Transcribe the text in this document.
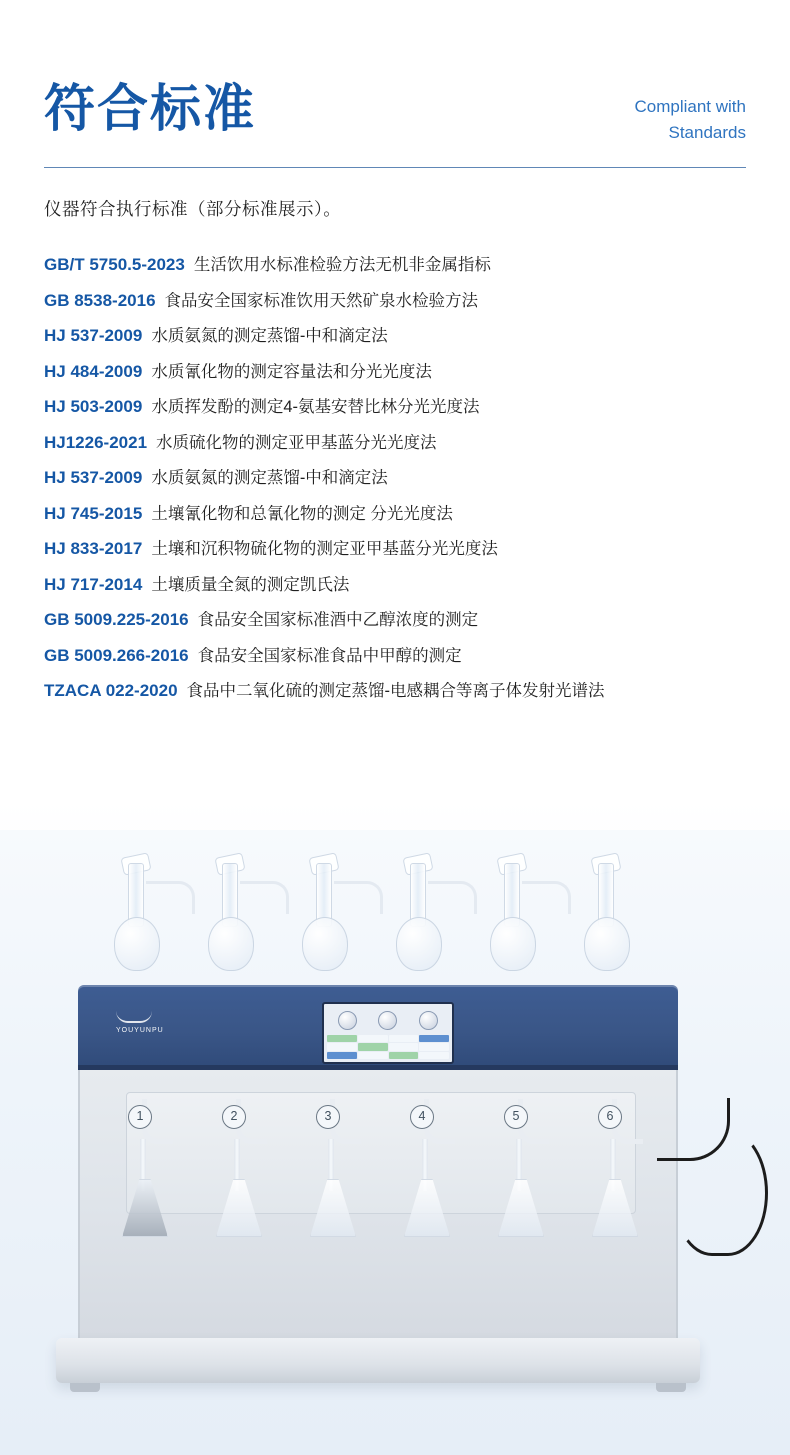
符合标准	Compliant with
Standards
仪器符合执行标准（部分标准展示）。
GB/T 5750.5-2023 生活饮用水标准检验方法无机非金属指标
GB 8538-2016 食品安全国家标准饮用天然矿泉水检验方法
HJ 537-2009 水质氨氮的测定蒸馏-中和滴定法
HJ 484-2009 水质氰化物的测定容量法和分光光度法
HJ 503-2009 水质挥发酚的测定4-氨基安替比林分光光度法
HJ1226-2021 水质硫化物的测定亚甲基蓝分光光度法
HJ 537-2009 水质氨氮的测定蒸馏-中和滴定法
HJ 745-2015 土壤氰化物和总氰化物的测定 分光光度法
HJ 833-2017 土壤和沉积物硫化物的测定亚甲基蓝分光光度法
HJ 717-2014 土壤质量全氮的测定凯氏法
GB 5009.225-2016 食品安全国家标准酒中乙醇浓度的测定
GB 5009.266-2016 食品安全国家标准食品中甲醇的测定
TZACA 022-2020 食品中二氧化硫的测定蒸馏-电感耦合等离子体发射光谱法
YOUYUNPU
1	2	3	4	5	6
